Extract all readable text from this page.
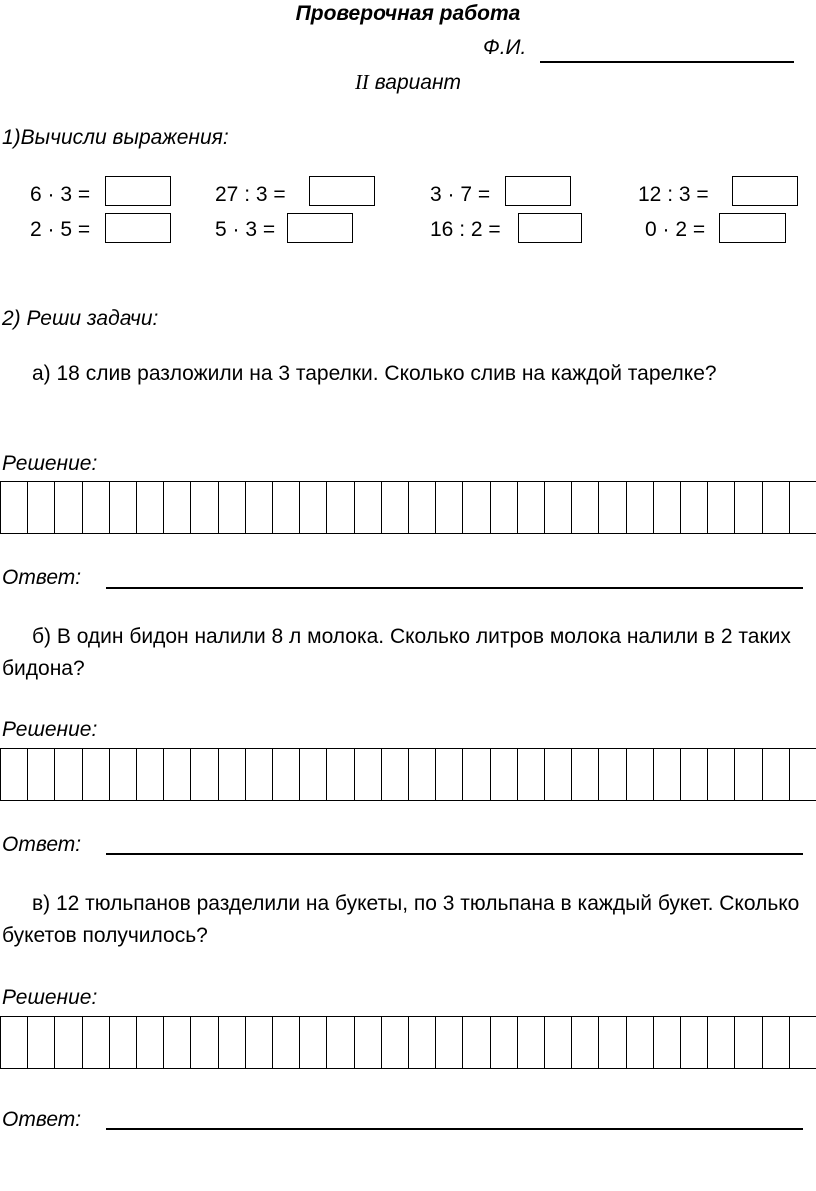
Проверочная работа
Ф.И.
II вариант
1)Вычисли выражения:
6 · 3 =	27 : 3 =	3 · 7 =	12 : 3 =
2 · 5 =	5 · 3 =	16 : 2 =	0 · 2 =
2) Реши задачи:
а) 18 слив разложили на 3 тарелки. Сколько слив на каждой тарелке?
Решение:
Ответ:
б) В один бидон налили 8 л молока. Сколько литров молока налили в 2 таких бидона?
Решение:
Ответ:
в) 12 тюльпанов разделили на букеты, по 3 тюльпана в каждый букет. Сколько букетов получилось?
Решение:
Ответ:
